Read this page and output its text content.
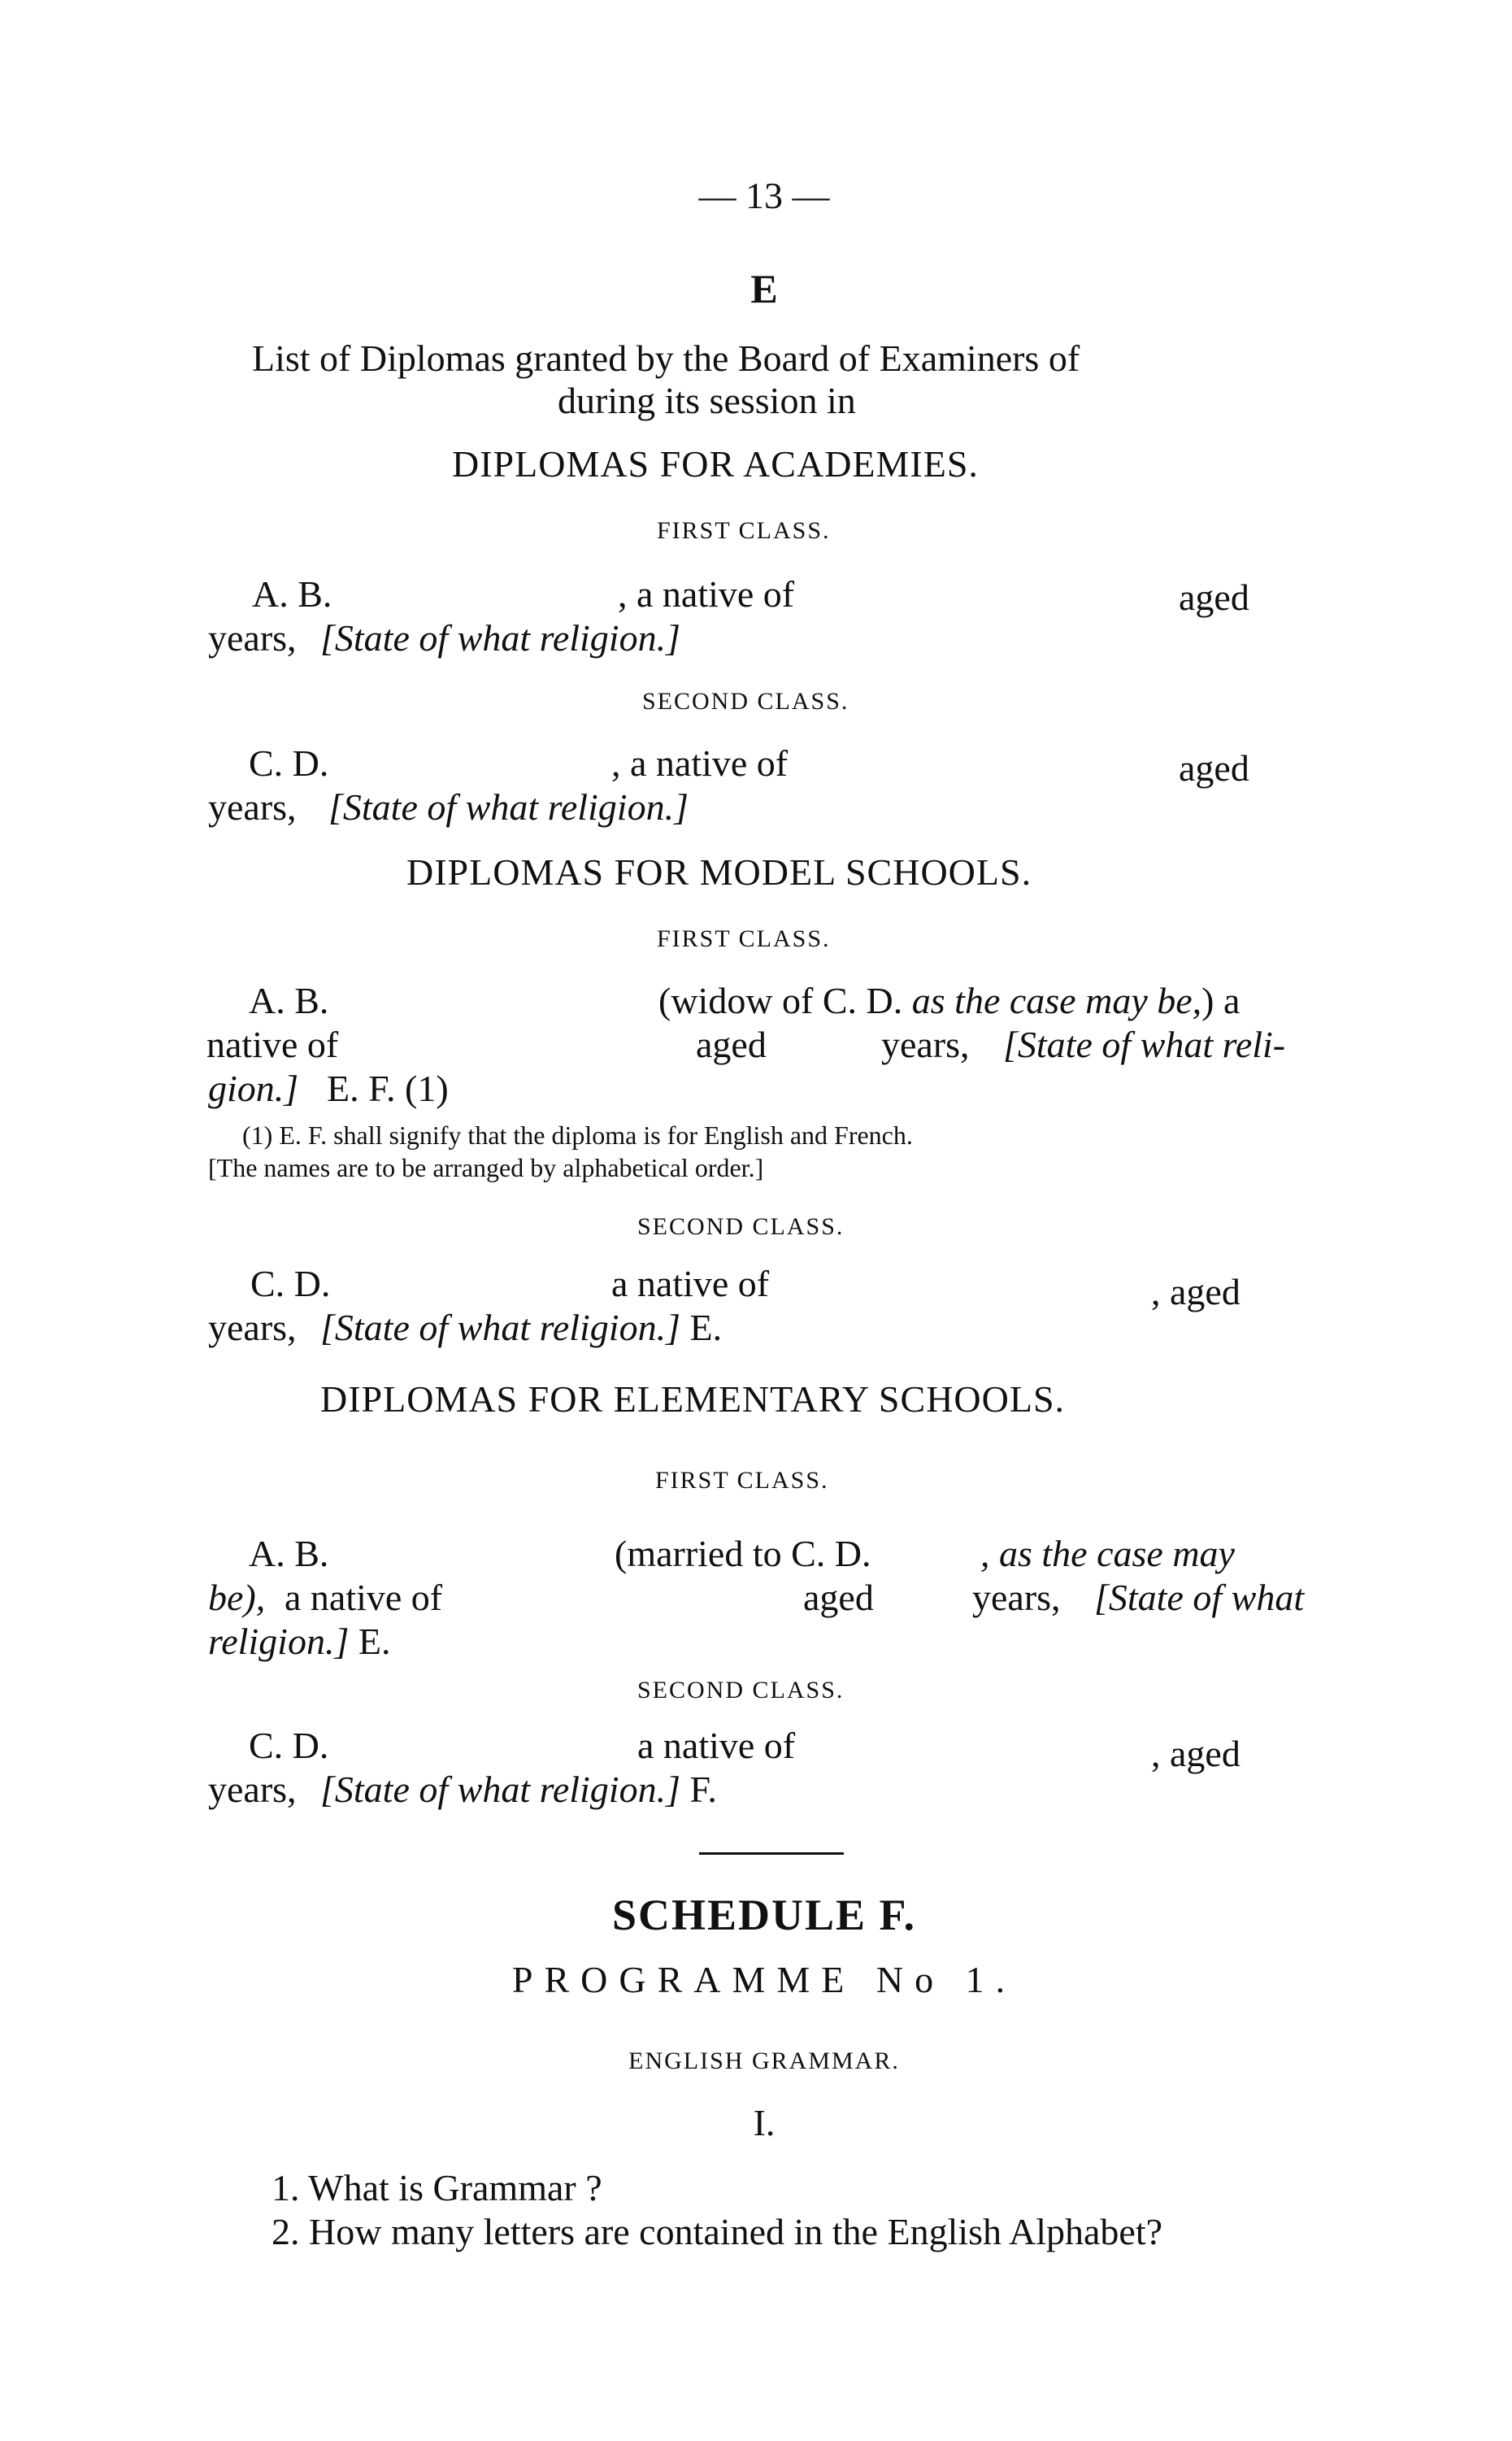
— 13 —
E
List of Diplomas granted by the Board of Examiners of
during its session in
DIPLOMAS FOR ACADEMIES.
FIRST CLASS.
A. B.	, a native of	aged
years, [State of what religion.]
SECOND CLASS.
C. D.	, a native of	aged
years, [State of what religion.]
DIPLOMAS FOR MODEL SCHOOLS.
FIRST CLASS.
A. B.	(widow of C. D. as the case may be,) a
native of	aged	years, [State of what reli-
gion.] E. F. (1)
(1) E. F. shall signify that the diploma is for English and French.
[The names are to be arranged by alphabetical order.]
SECOND CLASS.
C. D.	a native of	, aged
years, [State of what religion.] E.
DIPLOMAS FOR ELEMENTARY SCHOOLS.
FIRST CLASS.
A. B.	(married to C. D.	, as the case may
be), a native of	aged	years, [State of what
religion.] E.
SECOND CLASS.
C. D.	a native of	, aged
years, [State of what religion.] F.
SCHEDULE F.
PROGRAMME No 1.
ENGLISH GRAMMAR.
I.
1. What is Grammar ?
2. How many letters are contained in the English Alphabet?
